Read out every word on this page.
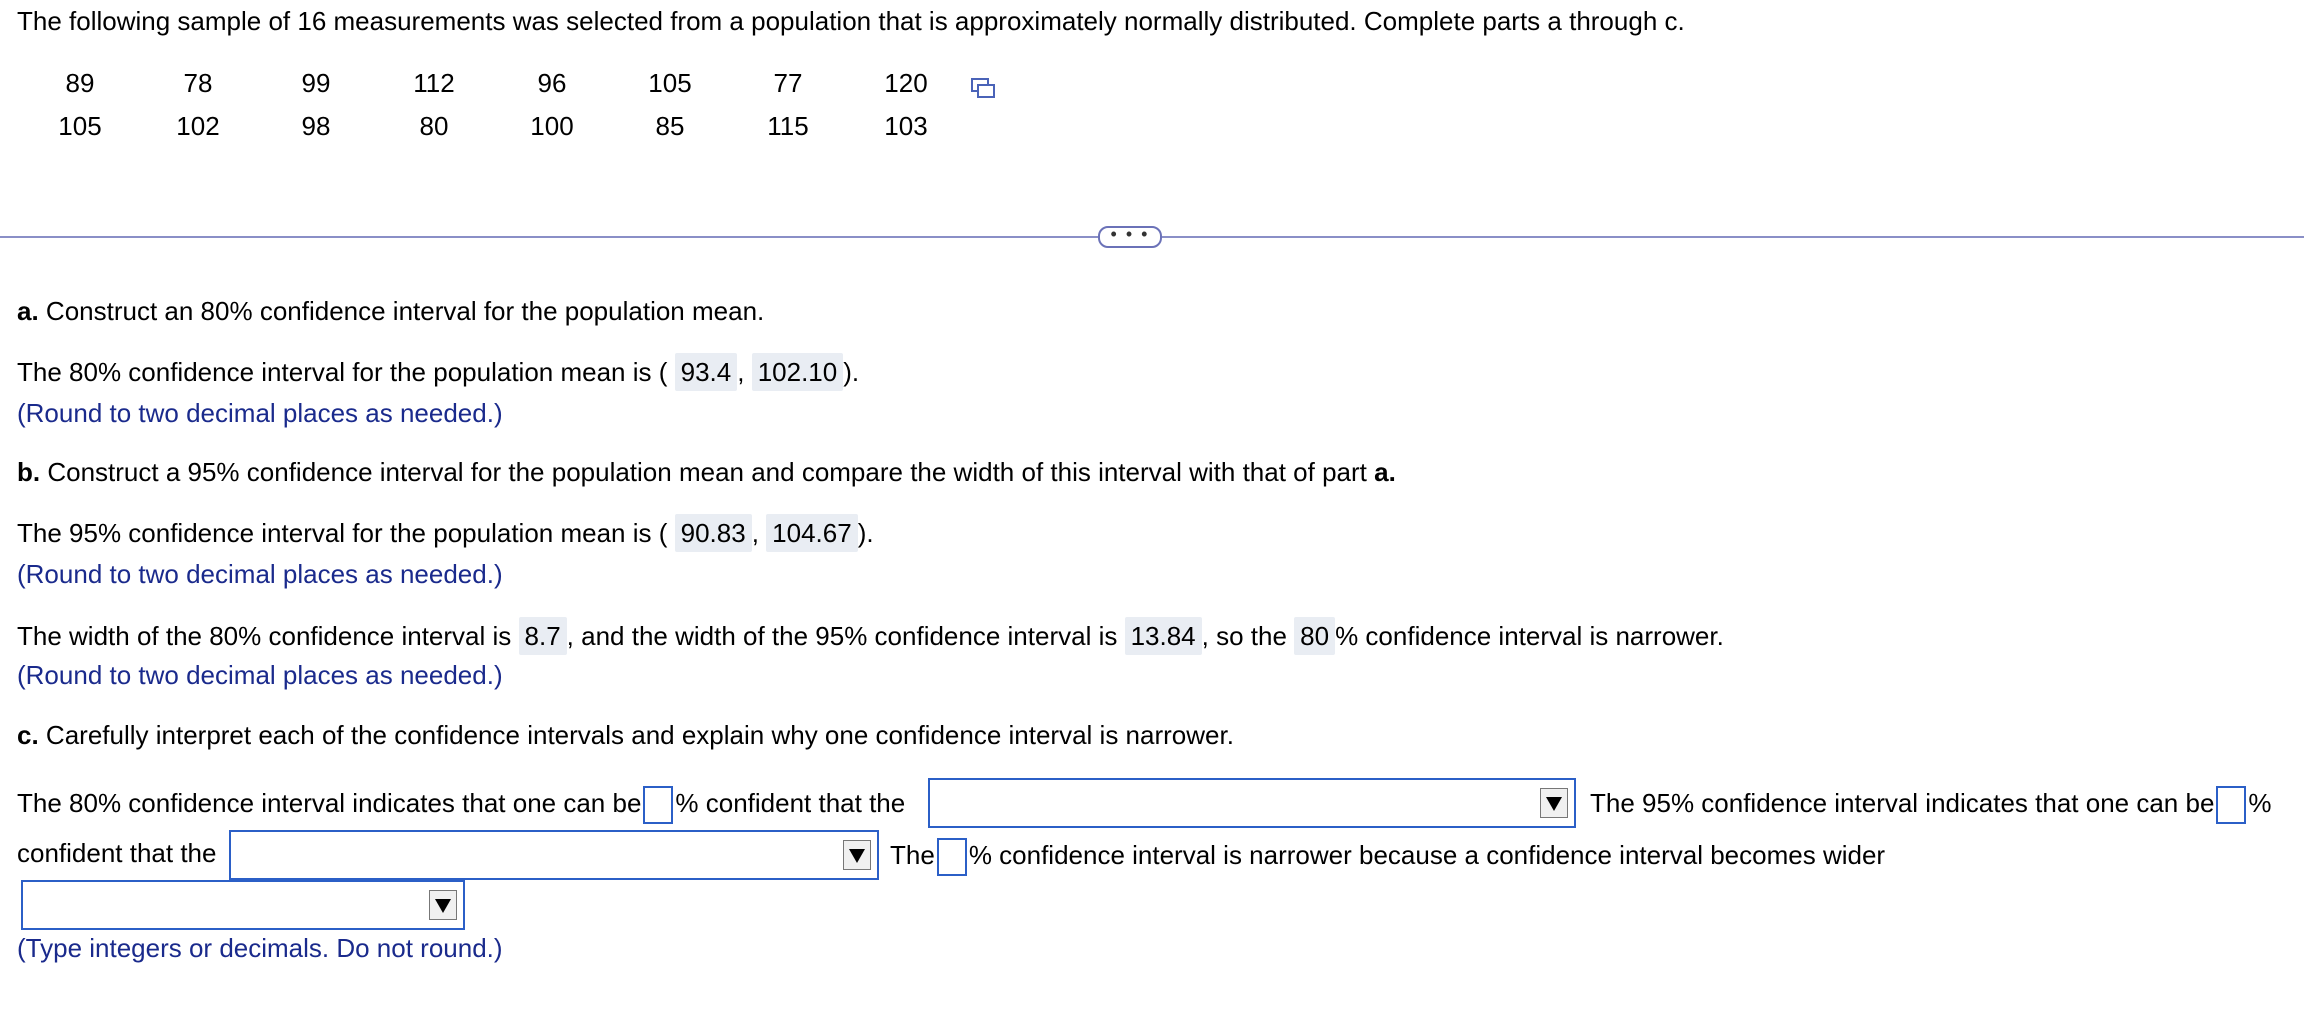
The following sample of 16 measurements was selected from a population that is approximately normally distributed. Complete parts a through c.
89	78	99	112	96	105	77	120
105	102	98	80	100	85	115	103
• • •
a. Construct an 80% confidence interval for the population mean.
The 80% confidence interval for the population mean is ( 93.4 , 102.10 ).
(Round to two decimal places as needed.)
b. Construct a 95% confidence interval for the population mean and compare the width of this interval with that of part a.
The 95% confidence interval for the population mean is ( 90.83 , 104.67 ).
(Round to two decimal places as needed.)
The width of the 80% confidence interval is 8.7 , and the width of the 95% confidence interval is 13.84 , so the 80 % confidence interval is narrower.
(Round to two decimal places as needed.)
c. Carefully interpret each of the confidence intervals and explain why one confidence interval is narrower.
The 80% confidence interval indicates that one can be % confident that the	The 95% confidence interval indicates that one can be %
confident that the	The % confidence interval is narrower because a confidence interval becomes wider
(Type integers or decimals. Do not round.)
